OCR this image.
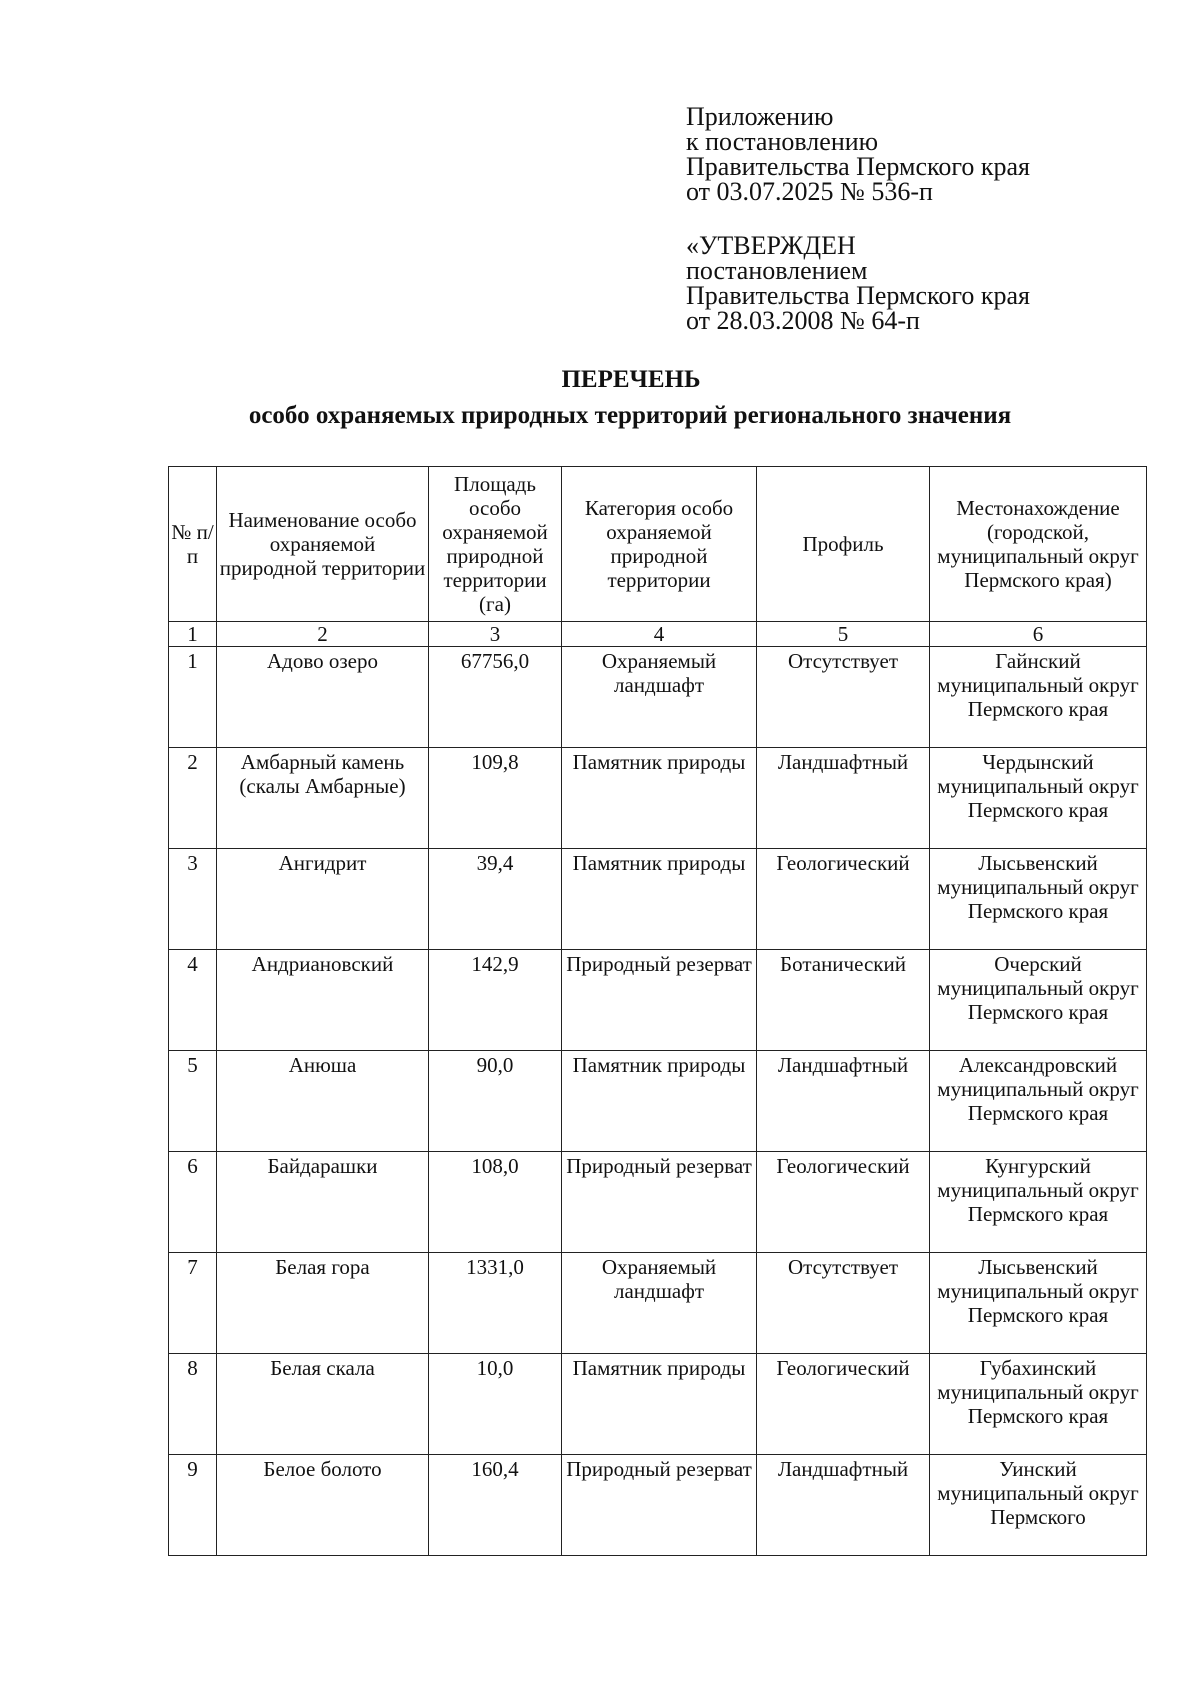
Приложению
к постановлению
Правительства Пермского края
от 03.07.2025 № 536-п
«УТВЕРЖДЕН
постановлением
Правительства Пермского края
от 28.03.2008 № 64-п
ПЕРЕЧЕНЬ
особо охраняемых природных территорий регионального значения
№ п/п	Наименование особо охраняемой природной территории	Площадь особо охраняемой природной территории (га)	Категория особо охраняемой природной территории	Профиль	Местонахождение (городской, муниципальный округ Пермского края)
1	2	3	4	5	6
1	Адово озеро	67756,0	Охраняемый ландшафт	Отсутствует	Гайнский муниципальный округ Пермского края
2	Амбарный камень (скалы Амбарные)	109,8	Памятник природы	Ландшафтный	Чердынский муниципальный округ Пермского края
3	Ангидрит	39,4	Памятник природы	Геологический	Лысьвенский муниципальный округ Пермского края
4	Андриановский	142,9	Природный резерват	Ботанический	Очерский муниципальный округ Пермского края
5	Анюша	90,0	Памятник природы	Ландшафтный	Александровский муниципальный округ Пермского края
6	Байдарашки	108,0	Природный резерват	Геологический	Кунгурский муниципальный округ Пермского края
7	Белая гора	1331,0	Охраняемый ландшафт	Отсутствует	Лысьвенский муниципальный округ Пермского края
8	Белая скала	10,0	Памятник природы	Геологический	Губахинский муниципальный округ Пермского края
9	Белое болото	160,4	Природный резерват	Ландшафтный	Уинский муниципальный округ Пермского
